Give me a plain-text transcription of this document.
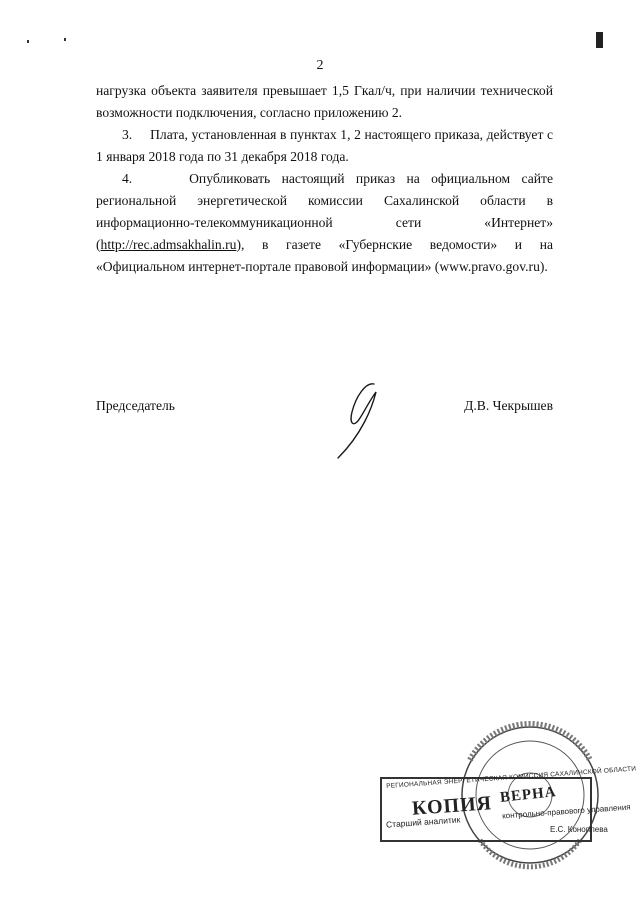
2

нагрузка объекта заявителя превышает 1,5 Гкал/ч, при наличии технической возможности подключения, согласно приложению 2.

3.     Плата, установленная в пунктах 1, 2 настоящего приказа, действует с 1 января 2018 года по 31 декабря 2018 года.

4.     Опубликовать настоящий приказ на официальном сайте региональной энергетической комиссии Сахалинской области в информационно-телекоммуникационной сети «Интернет» (http://rec.admsakhalin.ru), в газете «Губернские ведомости» и на «Официальном интернет-портале правовой информации» (www.pravo.gov.ru).

Председатель	Д.В. Чекрышев
РЕГИОНАЛЬНАЯ ЭНЕРГЕТИЧЕСКАЯ КОМИССИЯ САХАЛИНСКОЙ ОБЛАСТИ
КОПИЯ ВЕРНА
контрольно-правового управления
Старший аналитик	Е.С. Коноплева
